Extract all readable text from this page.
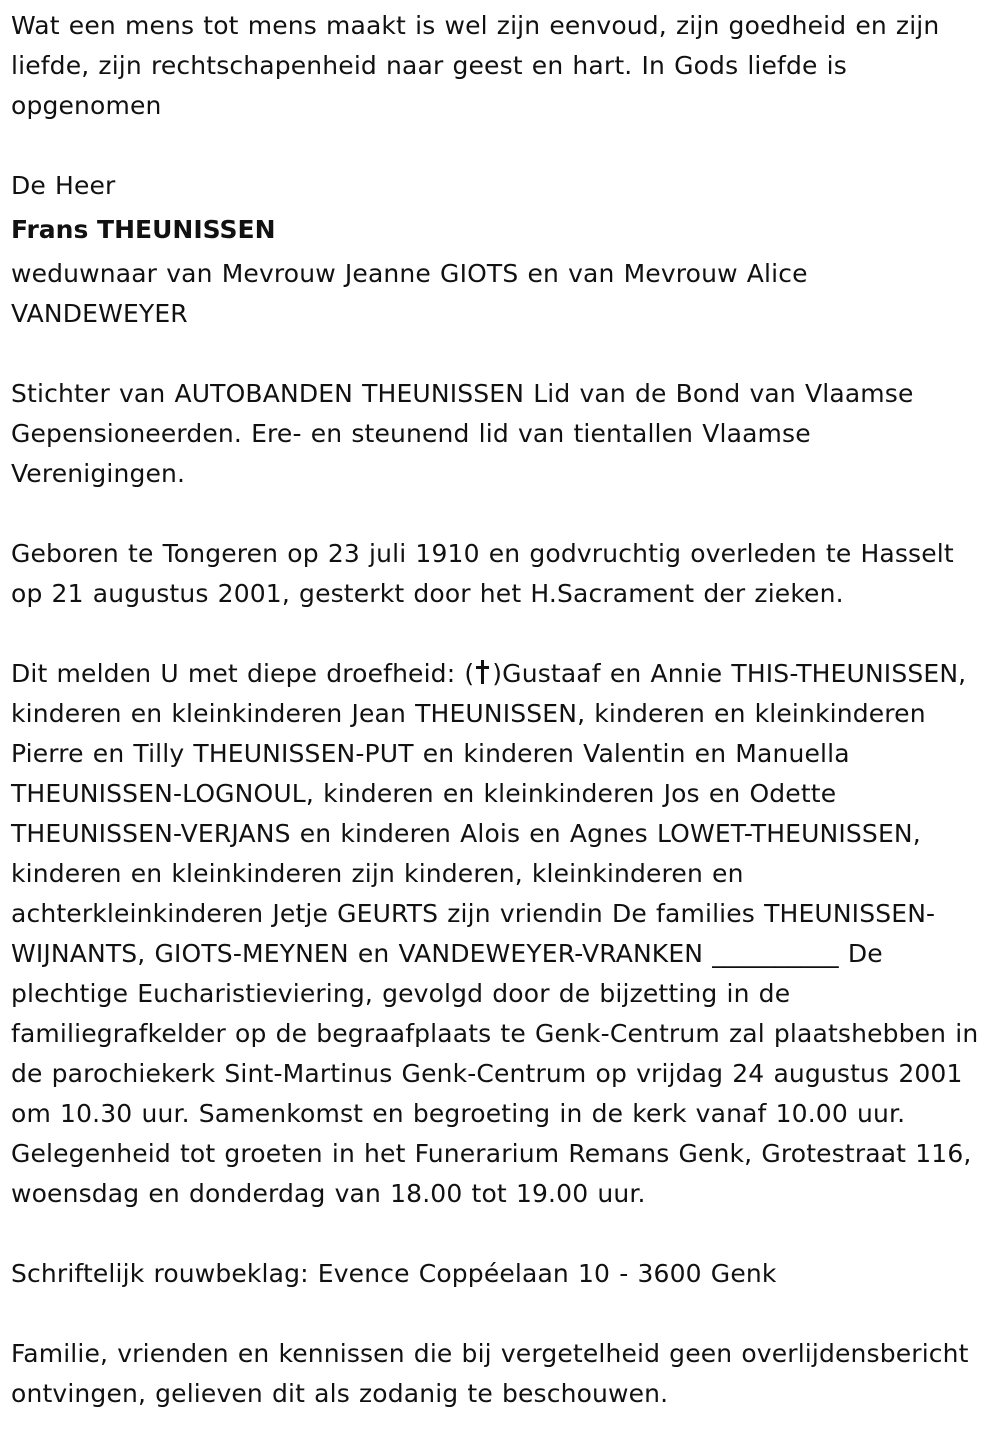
Wat een mens tot mens maakt is wel zijn eenvoud, zijn goedheid en zijn liefde, zijn rechtschapenheid naar geest en hart. In Gods liefde is opgenomen

De Heer

Frans THEUNISSEN

weduwnaar van Mevrouw Jeanne GIOTS en van Mevrouw Alice VANDEWEYER

Stichter van AUTOBANDEN THEUNISSEN Lid van de Bond van Vlaamse Gepensioneerden. Ere- en steunend lid van tientallen Vlaamse Verenigingen.

Geboren te Tongeren op 23 juli 1910 en godvruchtig overleden te Hasselt op 21 augustus 2001, gesterkt door het H.Sacrament der zieken.

Dit melden U met diepe droefheid: ( )Gustaaf en Annie THIS-THEUNISSEN, kinderen en kleinkinderen Jean THEUNISSEN, kinderen en kleinkinderen Pierre en Tilly THEUNISSEN-PUT en kinderen Valentin en Manuella THEUNISSEN-LOGNOUL, kinderen en kleinkinderen Jos en Odette THEUNISSEN-VERJANS en kinderen Alois en Agnes LOWET-THEUNISSEN, kinderen en kleinkinderen zijn kinderen, kleinkinderen en achterkleinkinderen Jetje GEURTS zijn vriendin De families THEUNISSEN-WIJNANTS, GIOTS-MEYNEN en VANDEWEYER-VRANKEN __________ De plechtige Eucharistieviering, gevolgd door de bijzetting in de familiegrafkelder op de begraafplaats te Genk-Centrum zal plaatshebben in de parochiekerk Sint-Martinus Genk-Centrum op vrijdag 24 augustus 2001 om 10.30 uur. Samenkomst en begroeting in de kerk vanaf 10.00 uur. Gelegenheid tot groeten in het Funerarium Remans Genk, Grotestraat 116, woensdag en donderdag van 18.00 tot 19.00 uur.

Schriftelijk rouwbeklag: Evence Coppéelaan 10 - 3600 Genk

Familie, vrienden en kennissen die bij vergetelheid geen overlijdensbericht ontvingen, gelieven dit als zodanig te beschouwen.
